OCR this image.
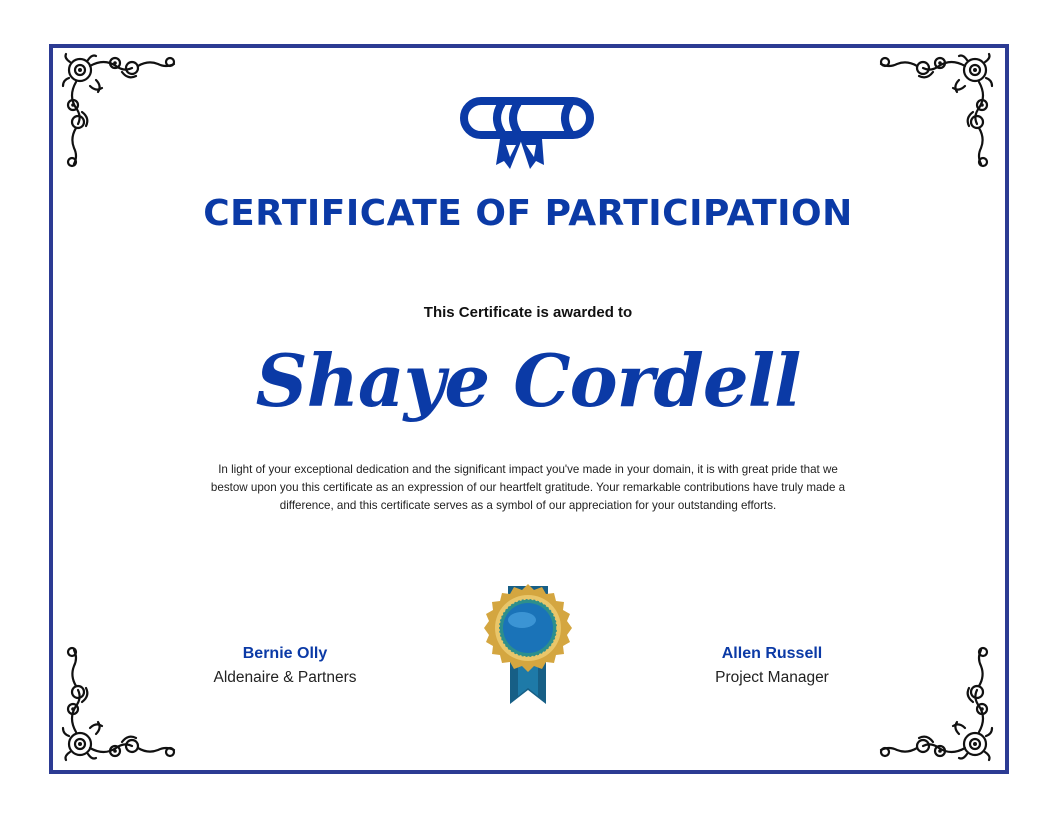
CERTIFICATE OF PARTICIPATION
This Certificate is awarded to
Shaye Cordell
In light of your exceptional dedication and the significant impact you've made in your domain, it is with great pride that we bestow upon you this certificate as an expression of our heartfelt gratitude. Your remarkable contributions have truly made a difference, and this certificate serves as a symbol of our appreciation for your outstanding efforts.
Bernie Olly
Aldenaire & Partners
Allen Russell
Project Manager
